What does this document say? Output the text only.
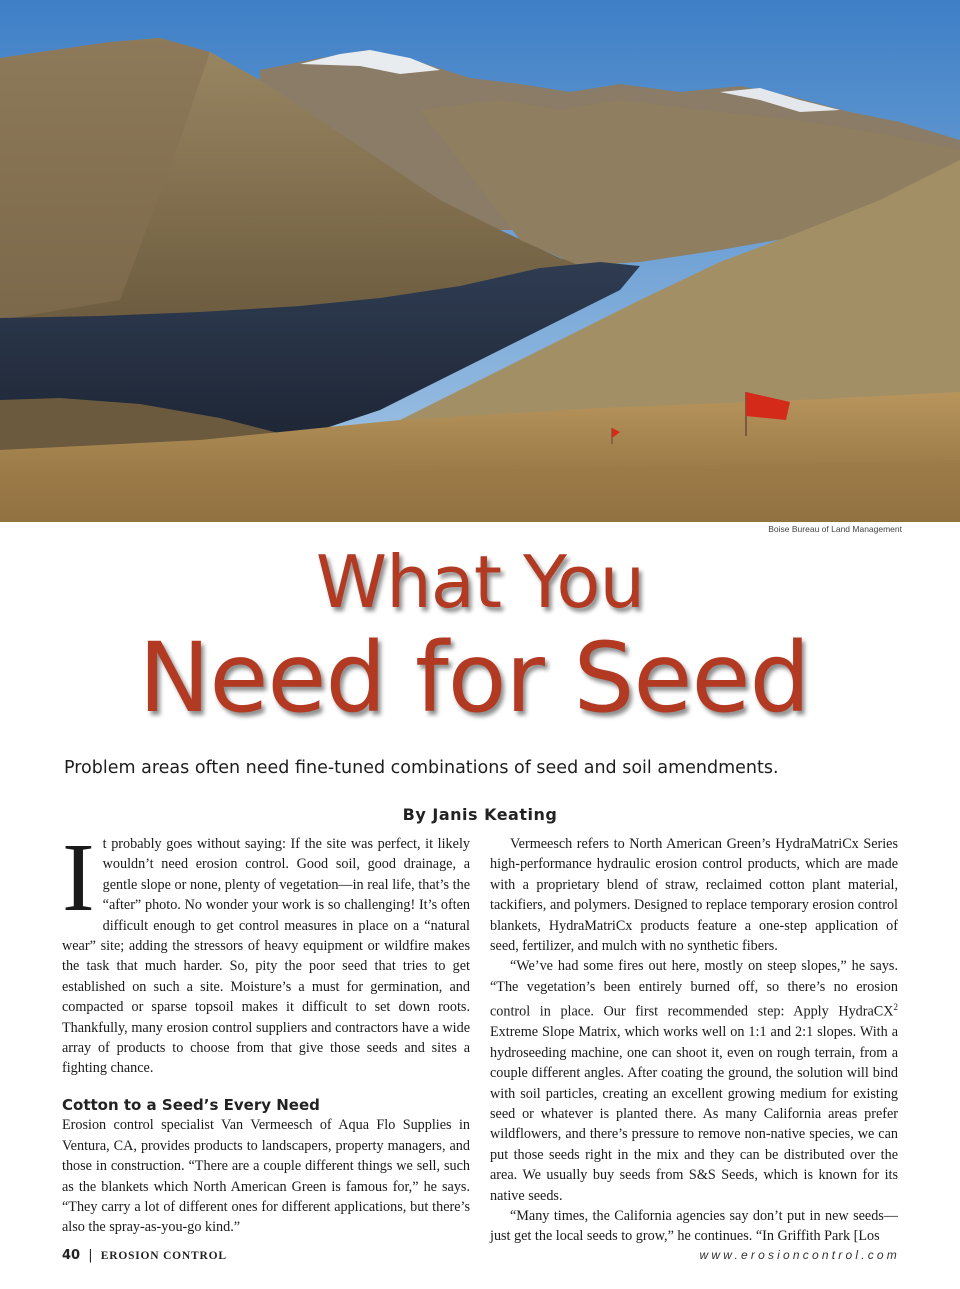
Boise Bureau of Land Management
What You
Need for Seed
Problem areas often need fine-tuned combinations of seed and soil amendments.
By Janis Keating

It probably goes without saying: If the site was perfect, it likely wouldn’t need erosion control. Good soil, good drainage, a gentle slope or none, plenty of vegetation—in real life, that’s the “after” photo. No wonder your work is so challenging! It’s often difficult enough to get control measures in place on a “natural wear” site; adding the stressors of heavy equipment or wildfire makes the task that much harder. So, pity the poor seed that tries to get established on such a site. Moisture’s a must for germination, and compacted or sparse topsoil makes it difficult to set down roots. Thankfully, many erosion control suppliers and contractors have a wide array of products to choose from that give those seeds and sites a fighting chance.

Cotton to a Seed’s Every Need

Erosion control specialist Van Vermeesch of Aqua Flo Supplies in Ventura, CA, provides products to landscapers, property managers, and those in construction. “There are a couple different things we sell, such as the blankets which North American Green is famous for,” he says. “They carry a lot of different ones for different applications, but there’s also the spray-as-you-go kind.”

Vermeesch refers to North American Green’s HydraMatriCx Series high-performance hydraulic erosion control products, which are made with a proprietary blend of straw, reclaimed cotton plant material, tackifiers, and polymers. Designed to replace temporary erosion control blankets, HydraMatriCx products feature a one-step application of seed, fertilizer, and mulch with no synthetic fibers.

“We’ve had some fires out here, mostly on steep slopes,” he says. “The vegetation’s been entirely burned off, so there’s no erosion control in place. Our first recommended step: Apply HydraCX$^2$ Extreme Slope Matrix, which works well on 1:1 and 2:1 slopes. With a hydroseeding machine, one can shoot it, even on rough terrain, from a couple different angles. After coating the ground, the solution will bind with soil particles, creating an excellent growing medium for existing seed or whatever is planted there. As many California areas prefer wildflowers, and there’s pressure to remove non-native species, we can put those seeds right in the mix and they can be distributed over the area. We usually buy seeds from S&S Seeds, which is known for its native seeds.

“Many times, the California agencies say don’t put in new seeds—just get the local seeds to grow,” he continues. “In Griffith Park [Los

40 | EROSION CONTROL	www.erosioncontrol.com
